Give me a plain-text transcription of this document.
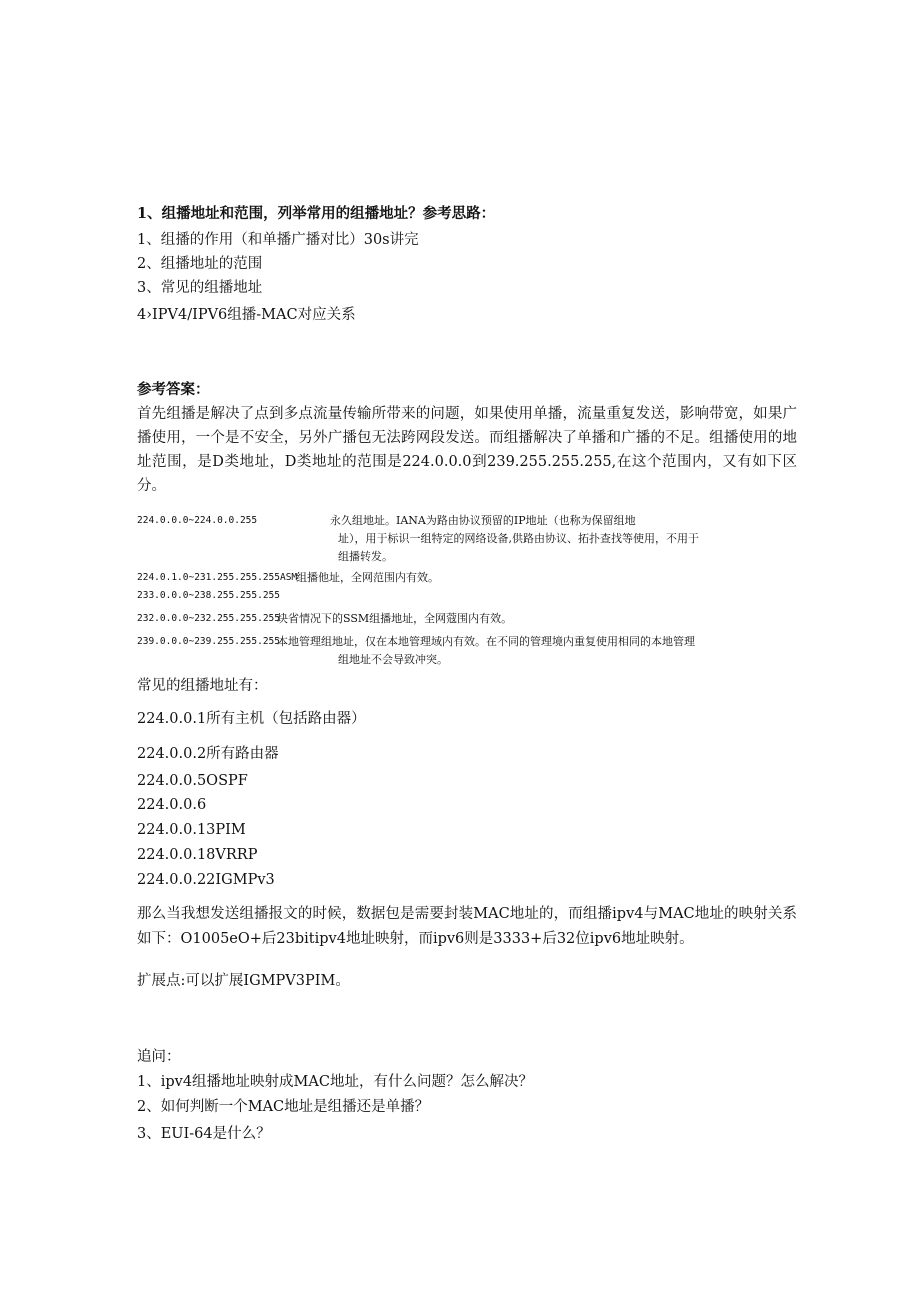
1、组播地址和范围，列举常用的组播地址？参考思路：
1、组播的作用（和单播广播对比）30s讲完
2、组播地址的范围
3、常见的组播地址
4›IPV4/IPV6组播-MAC对应关系
参考答案：
首先组播是解决了点到多点流量传输所带来的问题，如果使用单播，流量重复发送，影响带宽，如果广播使用，一个是不安全，另外广播包无法跨网段发送。而组播解决了单播和广播的不足。组播使用的地址范围，是D类地址，D类地址的范围是224.0.0.0到239.255.255.255,在这个范围内，又有如下区分。
224.0.0.0~224.0.0.255	永久组地址。IANA为路由协议预留的IP地址（也称为保留组地
址），用于标识一组特定的网络设备,供路由协议、拓扑查找等使用，不用于
组播转发。
224.0.1.0~231.255.255.255ASM
组播他址，全网范围内有效。
233.0.0.0~238.255.255.255
232.0.0.0~232.255.255.255
块省情况下的SSM组播地址，全网蔻围内有效。
239.0.0.0~239.255.255.255
本地管理组地址，仅在本地管理域内有效。在不同的管理境内重复使用相同的本地管理
组地址不会导致冲突。
常见的组播地址有：
224.0.0.1所有主机（包括路由器）
224.0.0.2所有路由器
224.0.0.5OSPF
224.0.0.6
224.0.0.13PIM
224.0.0.18VRRP
224.0.0.22IGMPv3
那么当我想发送组播报文的时候，数据包是需要封装MAC地址的，而组播ipv4与MAC地址的映射关系如下：O1005eO+后23bitipv4地址映射，而ipv6则是3333+后32位ipv6地址映射。
扩展点:可以扩展IGMPV3PIM。
追问：
1、ipv4组播地址映射成MAC地址，有什么问题？怎么解决？
2、如何判断一个MAC地址是组播还是单播？
3、EUI-64是什么？
